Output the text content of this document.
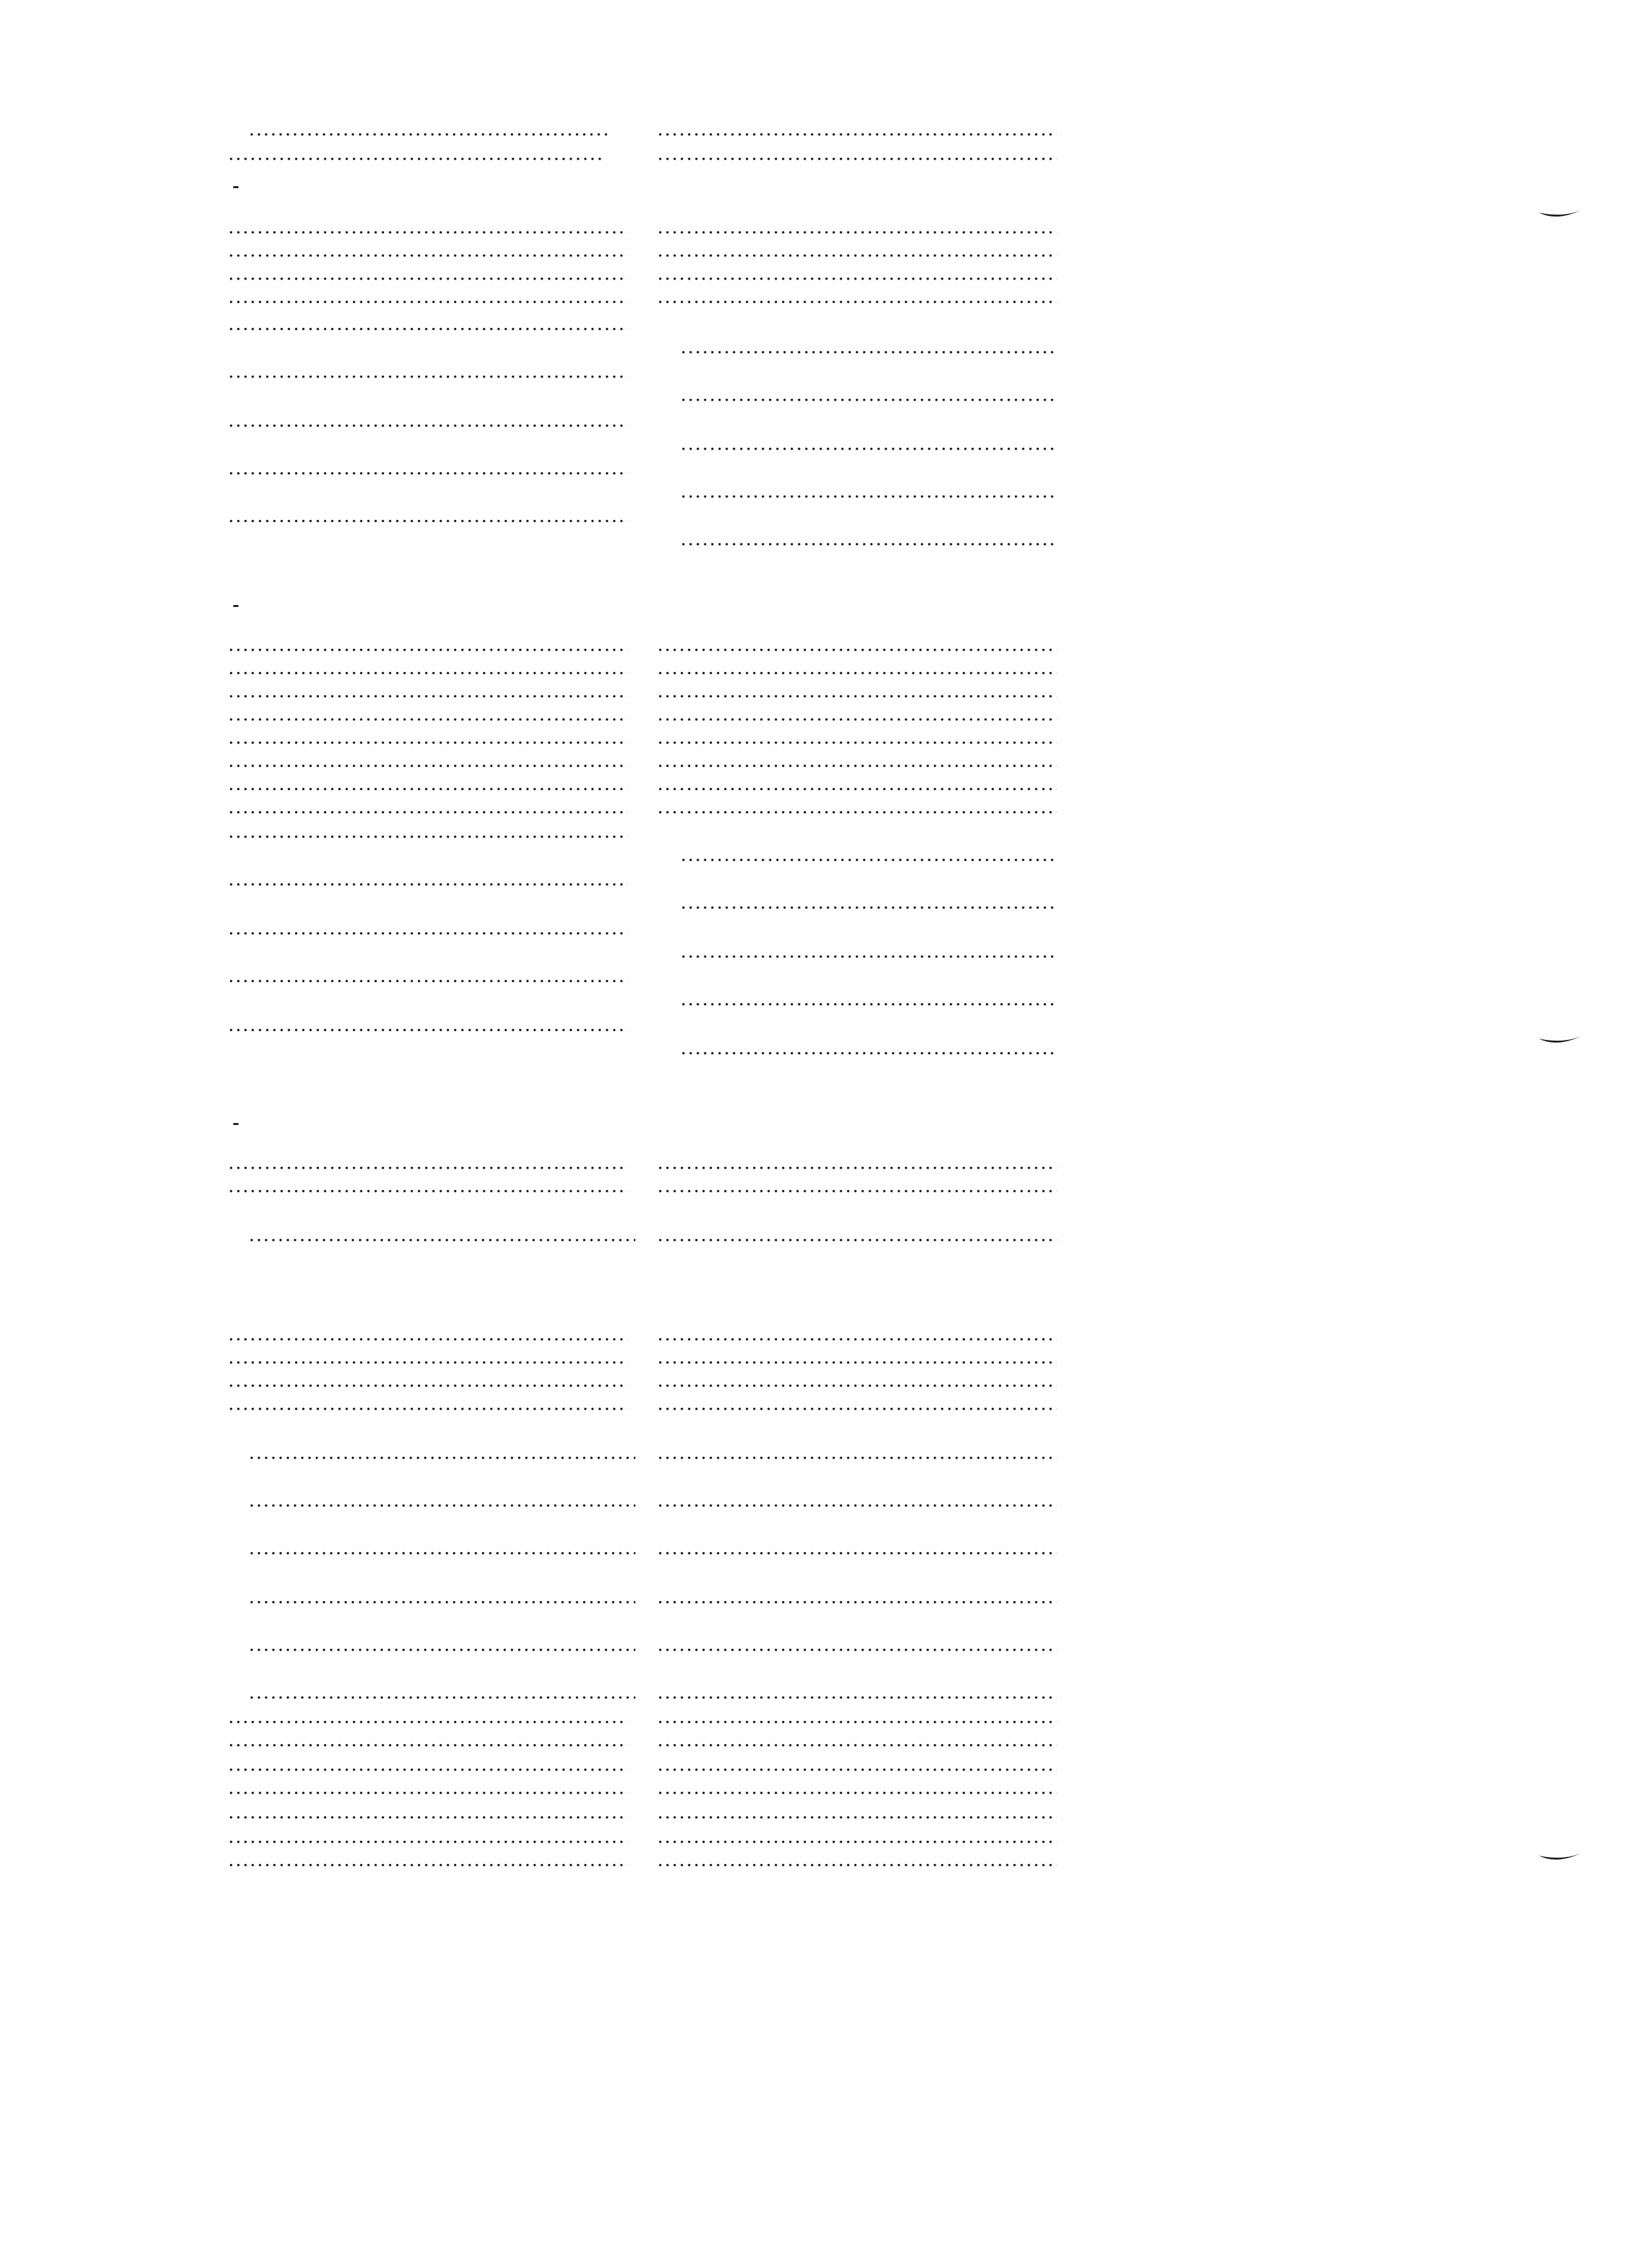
.....
.....
.....
.....
.....
.....
.....
.....
.....
.....
.....
.....
.....
.....
.....
.....
.....
.....
.....
.....
.....
.....
.....
.....
.....
.....
.....
.....
.....
.....
.....
.....
.....
.....
.....
.....
.....
.....
.....
.....
.....
.....
.....
.....
.....
.....
.....
.....
.....
.....
.....
.....
.....
.....
.....
.....
.....
.....
.....
.....
.....
.....
.....
.....
.....
.....
.....
.....
.....
.....
.....
.....
.....
.....
.....
.....
.....
.....
.....
.....
.....
.....
.....
.....
.....
.....
.....
.....
